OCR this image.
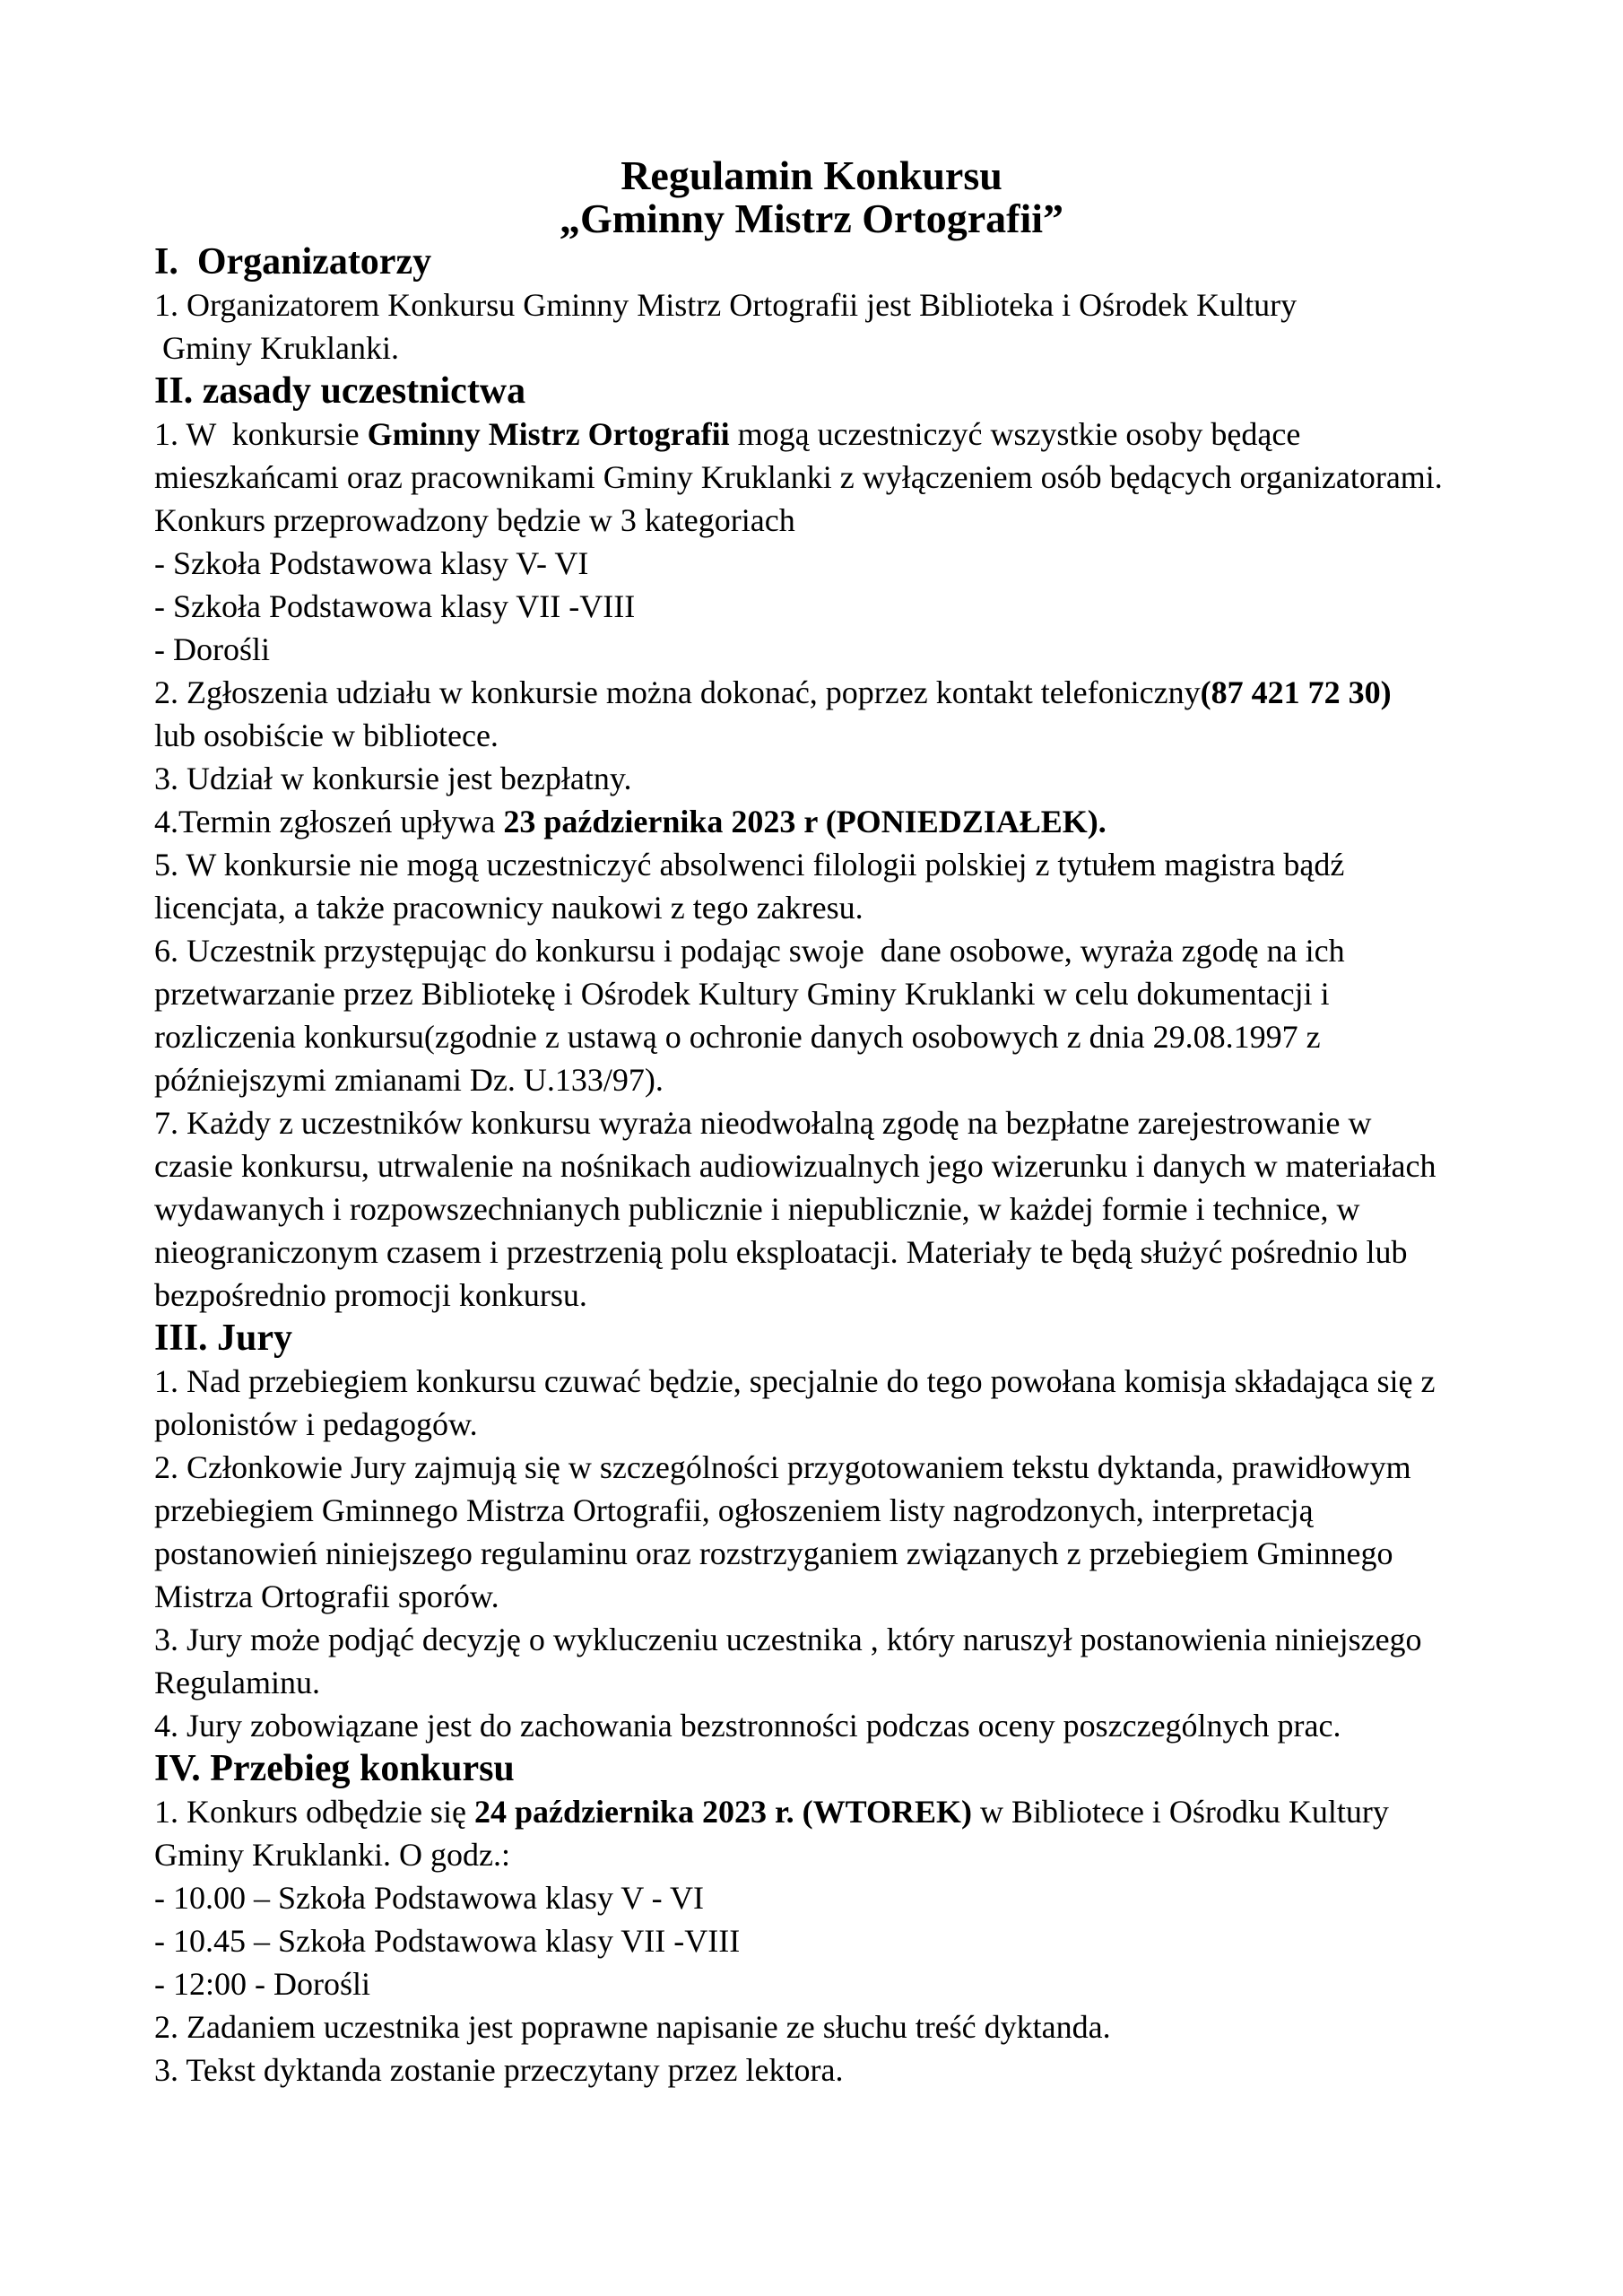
Regulamin Konkursu
„Gminny Mistrz Ortografii”
I.  Organizatorzy
1. Organizatorem Konkursu Gminny Mistrz Ortografii jest Biblioteka i Ośrodek Kultury
Gminy Kruklanki.
II. zasady uczestnictwa
1. W  konkursie Gminny Mistrz Ortografii mogą uczestniczyć wszystkie osoby będące
mieszkańcami oraz pracownikami Gminy Kruklanki z wyłączeniem osób będących organizatorami.
Konkurs przeprowadzony będzie w 3 kategoriach
- Szkoła Podstawowa klasy V- VI
- Szkoła Podstawowa klasy VII -VIII
- Dorośli
2. Zgłoszenia udziału w konkursie można dokonać, poprzez kontakt telefoniczny(87 421 72 30)
lub osobiście w bibliotece.
3. Udział w konkursie jest bezpłatny.
4.Termin zgłoszeń upływa 23 października 2023 r (PONIEDZIAŁEK).
5. W konkursie nie mogą uczestniczyć absolwenci filologii polskiej z tytułem magistra bądź
licencjata, a także pracownicy naukowi z tego zakresu.
6. Uczestnik przystępując do konkursu i podając swoje  dane osobowe, wyraża zgodę na ich
przetwarzanie przez Bibliotekę i Ośrodek Kultury Gminy Kruklanki w celu dokumentacji i
rozliczenia konkursu(zgodnie z ustawą o ochronie danych osobowych z dnia 29.08.1997 z
późniejszymi zmianami Dz. U.133/97).
7. Każdy z uczestników konkursu wyraża nieodwołalną zgodę na bezpłatne zarejestrowanie w
czasie konkursu, utrwalenie na nośnikach audiowizualnych jego wizerunku i danych w materiałach
wydawanych i rozpowszechnianych publicznie i niepublicznie, w każdej formie i technice, w
nieograniczonym czasem i przestrzenią polu eksploatacji. Materiały te będą służyć pośrednio lub
bezpośrednio promocji konkursu.
III. Jury
1. Nad przebiegiem konkursu czuwać będzie, specjalnie do tego powołana komisja składająca się z
polonistów i pedagogów.
2. Członkowie Jury zajmują się w szczególności przygotowaniem tekstu dyktanda, prawidłowym
przebiegiem Gminnego Mistrza Ortografii, ogłoszeniem listy nagrodzonych, interpretacją
postanowień niniejszego regulaminu oraz rozstrzyganiem związanych z przebiegiem Gminnego
Mistrza Ortografii sporów.
3. Jury może podjąć decyzję o wykluczeniu uczestnika , który naruszył postanowienia niniejszego
Regulaminu.
4. Jury zobowiązane jest do zachowania bezstronności podczas oceny poszczególnych prac.
IV. Przebieg konkursu
1. Konkurs odbędzie się 24 października 2023 r. (WTOREK) w Bibliotece i Ośrodku Kultury
Gminy Kruklanki. O godz.:
- 10.00 – Szkoła Podstawowa klasy V - VI
- 10.45 – Szkoła Podstawowa klasy VII -VIII
- 12:00 - Dorośli
2. Zadaniem uczestnika jest poprawne napisanie ze słuchu treść dyktanda.
3. Tekst dyktanda zostanie przeczytany przez lektora.
